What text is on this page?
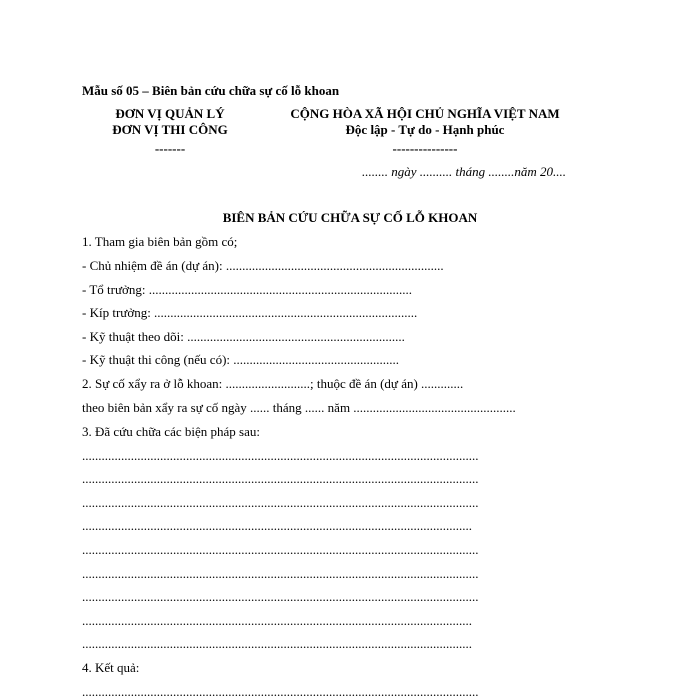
Mẫu số 05 – Biên bản cứu chữa sự cố lỗ khoan
ĐƠN VỊ QUẢN LÝ
ĐƠN VỊ THI CÔNG
-------
CỘNG HÒA XÃ HỘI CHỦ NGHĨA VIỆT NAM
Độc lập - Tự do - Hạnh phúc
---------------
........ ngày .......... tháng ........năm 20....
BIÊN BẢN CỨU CHỮA SỰ CỐ LỖ KHOAN
1. Tham gia biên bản gồm có;
- Chủ nhiệm đề án (dự án): ...................................................................
- Tổ trưởng: .................................................................................
- Kíp trưởng: .................................................................................
- Kỹ thuật theo dõi: ...................................................................
- Kỹ thuật thi công (nếu có): ...................................................
2. Sự cố xẩy ra ở lỗ khoan: ..........................; thuộc đề án (dự án) .............
theo biên bản xẩy ra sự cố ngày ...... tháng ...... năm ..................................................
3. Đã cứu chữa các biện pháp sau:
..........................................................................................................................
..........................................................................................................................
..........................................................................................................................
........................................................................................................................
..........................................................................................................................
..........................................................................................................................
..........................................................................................................................
........................................................................................................................
........................................................................................................................
4. Kết quả:
..........................................................................................................................
